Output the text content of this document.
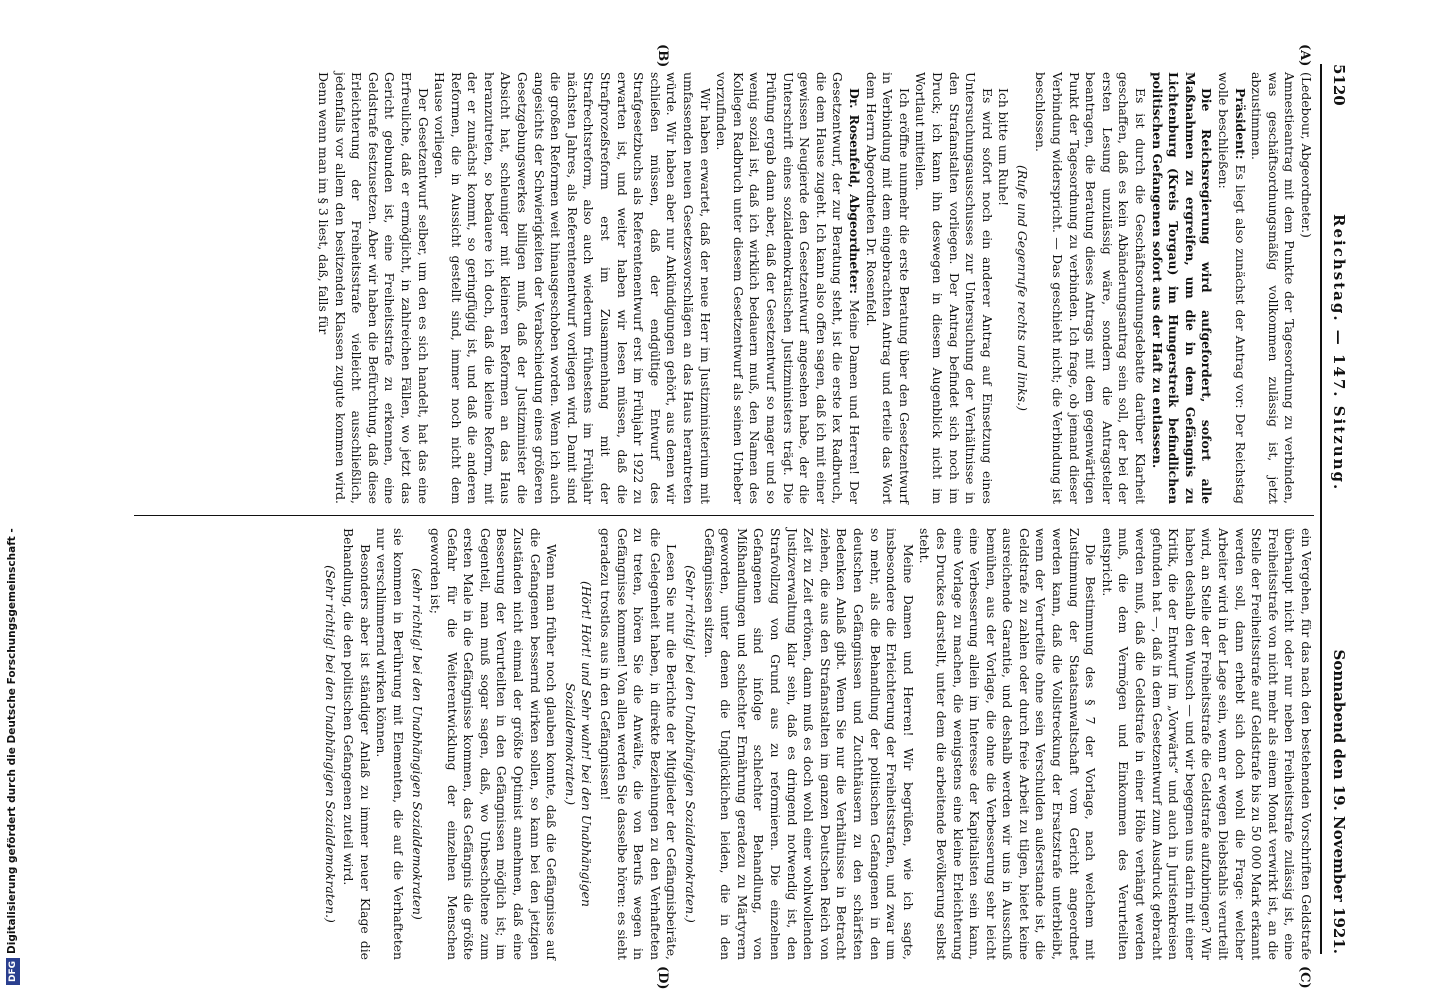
5120
Reichstag. — 147. Sitzung.
Sonnabend den 19. November 1921.
(A)
(B)
(C)
(D)

(Ledebour, Abgeordneter.)

Amnestieantrag mit dem Punkte der Tagesordnung zu verbinden, was geschäftsordnungsmäßig vollkommen zulässig ist, jetzt abzustimmen.

Präsident: Es liegt also zunächst der Antrag vor: Der Reichstag wolle beschließen:

Die Reichsregierung wird aufgefordert, sofort alle Maßnahmen zu ergreifen, um die in dem Gefängnis zu Lichtenburg (Kreis Torgau) im Hungerstreik befindlichen politischen Gefangenen sofort aus der Haft zu entlassen.

Es ist durch die Geschäftsordnungsdebatte darüber Klarheit geschaffen, daß es kein Abänderungsantrag sein soll, der bei der ersten Lesung unzulässig wäre, sondern die Antragsteller beantragen, die Beratung dieses Antrags mit dem gegenwärtigen Punkt der Tagesordnung zu verbinden. Ich frage, ob jemand dieser Verbindung widerspricht. — Das geschieht nicht; die Verbindung ist beschlossen.

(Rufe und Gegenrufe rechts und links.)

Ich bitte um Ruhe!

Es wird sofort noch ein anderer Antrag auf Einsetzung eines Untersuchungsausschusses zur Untersuchung der Verhältnisse in den Strafanstalten vorliegen. Der Antrag befindet sich noch im Druck; ich kann ihn deswegen in diesem Augenblick nicht im Wortlaut mitteilen.

Ich eröffne nunmehr die erste Beratung über den Gesetzentwurf in Verbindung mit dem eingebrachten Antrag und erteile das Wort dem Herrn Abgeordneten Dr. Rosenfeld.

Dr. Rosenfeld, Abgeordneter: Meine Damen und Herren! Der Gesetzentwurf, der zur Beratung steht, ist die erste lex Radbruch, die dem Hause zugeht. Ich kann also offen sagen, daß ich mit einer gewissen Neugierde den Gesetzentwurf angesehen habe, der die Unterschrift eines sozialdemokratischen Justizministers trägt. Die Prüfung ergab dann aber, daß der Gesetzentwurf so mager und so wenig sozial ist, daß ich wirklich bedauern muß, den Namen des Kollegen Radbruch unter diesem Gesetzentwurf als seinen Urheber vorzufinden.

Wir haben erwartet, daß der neue Herr im Justizministerium mit umfassenden neuen Gesetzesvorschlägen an das Haus herantreten würde. Wir haben aber nur Ankündigungen gehört, aus denen wir schließen müssen, daß der endgültige Entwurf des Strafgesetzbuchs als Referentenentwurf erst im Frühjahr 1922 zu erwarten ist, und weiter haben wir lesen müssen, daß die Strafprozeßreform erst im Zusammenhang mit der Strafrechtsreform, also auch wiederum frühestens im Frühjahr nächsten Jahres, als Referentenentwurf vorliegen wird. Damit sind die großen Reformen weit hinausgeschoben worden. Wenn ich auch angesichts der Schwierigkeiten der Verabschiedung eines größeren Gesetzgebungswerkes billigen muß, daß der Justizminister die Absicht hat, schleuniger mit kleineren Reformen an das Haus heranzutreten, so bedauere ich doch, daß die kleine Reform, mit der er zunächst kommt, so geringfügig ist, und daß die anderen Reformen, die in Aussicht gestellt sind, immer noch nicht dem Hause vorliegen.

Der Gesetzentwurf selber, um den es sich handelt, hat das eine Erfreuliche, daß er ermöglicht, in zahlreichen Fällen, wo jetzt das Gericht gebunden ist, eine Freiheitsstrafe zu erkennen, eine Geldstrafe festzusetzen. Aber wir haben die Befürchtung, daß diese Erleichterung der Freiheitsstrafe vielleicht ausschließlich, jedenfalls vor allem den besitzenden Klassen zugute kommen wird. Denn wenn man im § 3 liest, daß, falls für

ein Vergehen, für das nach den bestehenden Vorschriften Geldstrafe überhaupt nicht oder nur neben Freiheitsstrafe zulässig ist, eine Freiheitsstrafe von nicht mehr als einem Monat verwirkt ist, an die Stelle der Freiheitsstrafe auf Geldstrafe bis zu 50 000 Mark erkannt werden soll, dann erhebt sich doch wohl die Frage: welcher Arbeiter wird in der Lage sein, wenn er wegen Diebstahls verurteilt wird, an Stelle der Freiheitsstrafe die Geldstrafe aufzubringen? Wir haben deshalb den Wunsch — und wir begegnen uns darin mit einer Kritik, die der Entwurf im „Vorwärts“ und auch in Juristenkreisen gefunden hat —, daß in dem Gesetzentwurf zum Ausdruck gebracht werden muß, daß die Geldstrafe in einer Höhe verhängt werden muß, die dem Vermögen und Einkommen des Verurteilten entspricht.

Die Bestimmung des § 7 der Vorlage, nach welchem mit Zustimmung der Staatsanwaltschaft vom Gericht angeordnet werden kann, daß die Vollstreckung der Ersatzstrafe unterbleibt, wenn der Verurteilte ohne sein Verschulden außerstande ist, die Geldstrafe zu zahlen oder durch freie Arbeit zu tilgen, bietet keine ausreichende Garantie, und deshalb werden wir uns in Ausschuß bemühen, aus der Vorlage, die ohne die Verbesserung sehr leicht eine Verbesserung allein im Interesse der Kapitalisten sein kann, eine Vorlage zu machen, die wenigstens eine kleine Erleichterung des Druckes darstellt, unter dem die arbeitende Bevölkerung selbst steht.

Meine Damen und Herren! Wir begrüßen, wie ich sagte, insbesondere die Erleichterung der Freiheitsstrafen, und zwar um so mehr, als die Behandlung der politischen Gefangenen in den deutschen Gefängnissen und Zuchthäusern zu den schärfsten Bedenken Anlaß gibt. Wenn Sie nur die Verhältnisse in Betracht ziehen, die aus den Strafanstalten im ganzen Deutschen Reich von Zeit zu Zeit ertönen, dann muß es doch wohl einer wohlwollenden Justizverwaltung klar sein, daß es dringend notwendig ist, den Strafvollzug von Grund aus zu reformieren. Die einzelnen Gefangenen sind infolge schlechter Behandlung, von Mißhandlungen und schlechter Ernährung geradezu zu Märtyrern geworden, unter denen die Unglücklichen leiden, die in den Gefängnissen sitzen.

(Sehr richtig! bei den Unabhängigen Sozialdemokraten.)

Lesen Sie nur die Berichte der Mitglieder der Gefängnisbeiräte, die Gelegenheit haben, in direkte Beziehungen zu den Verhafteten zu treten, hören Sie die Anwälte, die von Berufs wegen in Gefängnisse kommen! Von allen werden Sie dasselbe hören: es sieht geradezu trostlos aus in den Gefängnissen!

(Hört! Hört! und Sehr wahr! bei den Unabhängigen Sozialdemokraten.)

Wenn man früher noch glauben konnte, daß die Gefängnisse auf die Gefangenen bessernd wirken sollen, so kann bei den jetzigen Zuständen nicht einmal der größte Optimist annehmen, daß eine Besserung der Verurteilten in den Gefängnissen möglich ist; im Gegenteil, man muß sogar sagen, daß, wo Unbescholtene zum ersten Male in die Gefängnisse kommen, das Gefängnis die größte Gefahr für die Weiterentwicklung der einzelnen Menschen geworden ist;

(sehr richtig! bei den Unabhängigen Sozialdemokraten)

sie kommen in Berührung mit Elementen, die auf die Verhafteten nur verschlimmernd wirken können.

Besonders aber ist ständiger Anlaß zu immer neuer Klage die Behandlung, die den politischen Gefangenen zuteil wird.

(Sehr richtig! bei den Unabhängigen Sozialdemokraten.)

DFGDigitalisierung gefördert durch die Deutsche Forschungsgemeinschaft -
